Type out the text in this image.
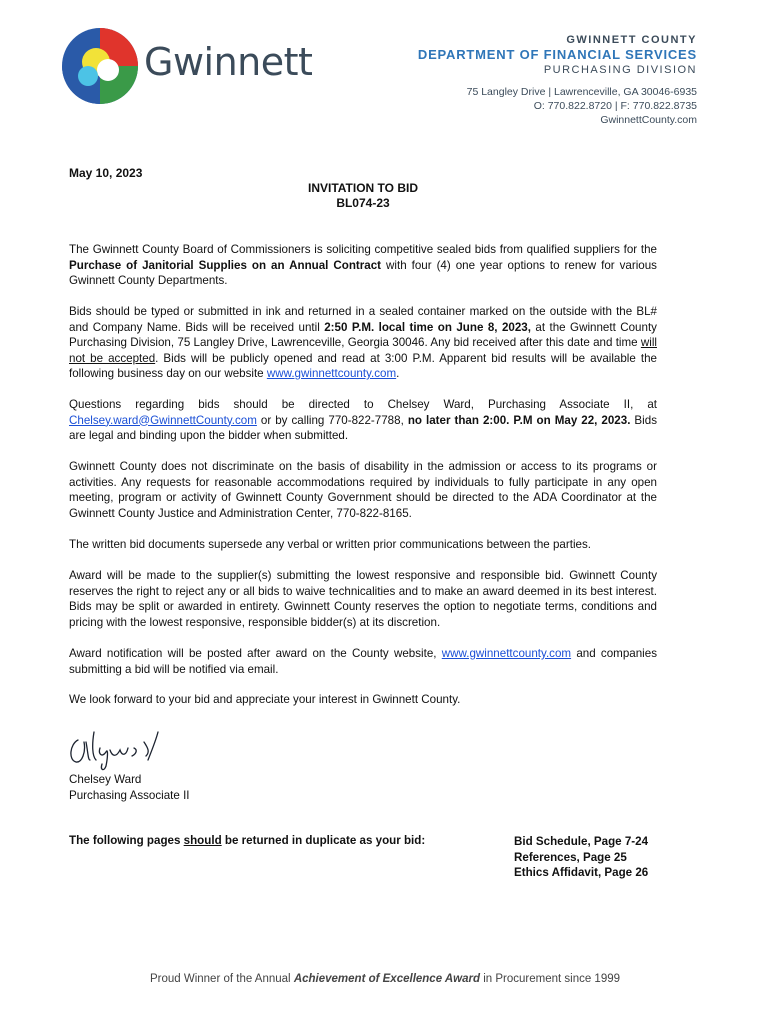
Gwinnett	GWINNETT COUNTY
DEPARTMENT OF FINANCIAL SERVICES
PURCHASING DIVISION
75 Langley Drive | Lawrenceville, GA 30046-6935
O: 770.822.8720 | F: 770.822.8735
GwinnettCounty.com
May 10, 2023
INVITATION TO BID
BL074-23
The Gwinnett County Board of Commissioners is soliciting competitive sealed bids from qualified suppliers for the Purchase of Janitorial Supplies on an Annual Contract with four (4) one year options to renew for various Gwinnett County Departments.
Bids should be typed or submitted in ink and returned in a sealed container marked on the outside with the BL# and Company Name. Bids will be received until 2:50 P.M. local time on June 8, 2023, at the Gwinnett County Purchasing Division, 75 Langley Drive, Lawrenceville, Georgia 30046. Any bid received after this date and time will not be accepted. Bids will be publicly opened and read at 3:00 P.M. Apparent bid results will be available the following business day on our website www.gwinnettcounty.com.
Questions regarding bids should be directed to Chelsey Ward, Purchasing Associate II, at Chelsey.ward@GwinnettCounty.com or by calling 770-822-7788, no later than 2:00. P.M on May 22, 2023. Bids are legal and binding upon the bidder when submitted.
Gwinnett County does not discriminate on the basis of disability in the admission or access to its programs or activities. Any requests for reasonable accommodations required by individuals to fully participate in any open meeting, program or activity of Gwinnett County Government should be directed to the ADA Coordinator at the Gwinnett County Justice and Administration Center, 770-822-8165.
The written bid documents supersede any verbal or written prior communications between the parties.
Award will be made to the supplier(s) submitting the lowest responsive and responsible bid. Gwinnett County reserves the right to reject any or all bids to waive technicalities and to make an award deemed in its best interest. Bids may be split or awarded in entirety. Gwinnett County reserves the option to negotiate terms, conditions and pricing with the lowest responsive, responsible bidder(s) at its discretion.
Award notification will be posted after award on the County website, www.gwinnettcounty.com and companies submitting a bid will be notified via email.
We look forward to your bid and appreciate your interest in Gwinnett County.
Chelsey Ward
Purchasing Associate II
The following pages should be returned in duplicate as your bid:	Bid Schedule, Page 7-24
References, Page 25
Ethics Affidavit, Page 26
Proud Winner of the Annual Achievement of Excellence Award in Procurement since 1999
